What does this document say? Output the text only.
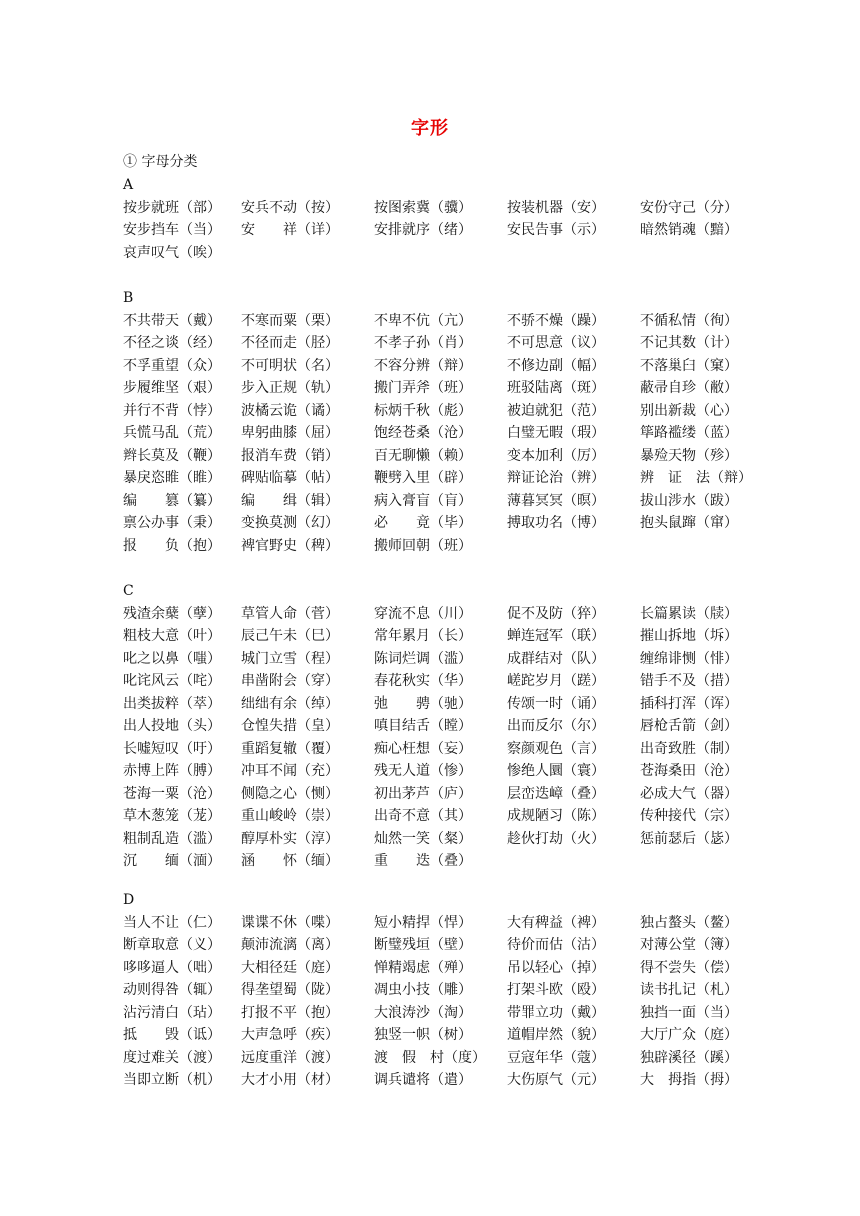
字形
① 字母分类
A
按步就班（部） 安兵不动（按）	按图索冀（骥）	按装机器（安）	安份守己（分）
安步挡车（当） 安　　祥（详）	安排就序（绪）	安民告事（示）	暗然销魂（黯）
哀声叹气（唉）
B
不共带天（戴） 不寒而粟（栗）	不卑不伉（亢）	不骄不燥（躁）	不循私情（徇）
不径之谈（经） 不径而走（胫）	不孝子孙（肖）	不可思意（议）	不记其数（计）
不孚重望（众） 不可明状（名）	不容分辨（辩）	不修边副（幅）	不落巢臼（窠）
步履维坚（艰） 步入正规（轨）	搬门弄斧（班）	班驳陆离（斑）	蔽帚自珍（敝）
并行不背（悖） 波橘云诡（谲）	标炳千秋（彪）	被迫就犯（范）	别出新裁（心）
兵慌马乱（荒） 卑躬曲膝（屈）	饱经苍桑（沧）	白璧无暇（瑕）	筚路褴缕（蓝）
辫长莫及（鞭） 报消车费（销）	百无聊懒（赖）	变本加利（厉）	暴殓天物（殄）
暴戾恣睢（睢） 碑贴临摹（帖）	鞭劈入里（辟）	辩证论治（辨）	辨　证　法（辩）
编　　篡（纂） 编　　缉（辑）	病入膏盲（肓）	薄暮冥冥（暝）	拔山涉水（跋）
禀公办事（秉） 变换莫测（幻）	必　　竟（毕）	搏取功名（博）	抱头鼠蹿（窜）
报　　负（抱） 裨官野史（稗）	搬师回朝（班）
C
残渣余蘖（孽） 草管人命（菅）	穿流不息（川）	促不及防（猝）	长篇累读（牍）
粗枝大意（叶） 辰己午未（巳）	常年累月（长）	蝉连冠军（联）	摧山拆地（坼）
叱之以鼻（嗤） 城门立雪（程）	陈词烂调（滥）	成群结对（队）	缠绵诽恻（悱）
叱诧风云（咤） 串凿附会（穿）	春花秋实（华）	嵯跎岁月（蹉）	错手不及（措）
出类拔粹（萃） 绌绌有余（绰）	弛　　骋（驰）	传颂一时（诵）	插科打浑（诨）
出人投地（头） 仓惶失措（皇）	嗔目结舌（瞠）	出而反尔（尔）	唇枪舌箭（剑）
长嘘短叹（吁） 重蹈复辙（覆）	痴心枉想（妄）	察颜观色（言）	出奇致胜（制）
赤博上阵（膊） 冲耳不闻（充）	残无人道（惨）	惨绝人圜（寰）	苍海桑田（沧）
苍海一粟（沧） 侧隐之心（恻）	初出茅芦（庐）	层峦迭嶂（叠）	必成大气（器）
草木葱笼（茏） 重山峻岭（崇）	出奇不意（其）	成规陋习（陈）	传种接代（宗）
粗制乱造（滥） 醇厚朴实（淳）	灿然一笑（粲）	趁伙打劫（火）	惩前瑟后（毖）
沉　　缅（湎） 涵　　怀（缅）	重　　迭（叠）
D
当人不让（仁） 谍谍不休（喋）	短小精捍（悍）	大有稗益（裨）	独占螯头（鳌）
断章取意（义） 颠沛流漓（离）	断璧残垣（壁）	待价而估（沽）	对薄公堂（簿）
哆哆逼人（咄） 大相径廷（庭）	惮精竭虑（殚）	吊以轻心（掉）	得不尝失（偿）
动则得咎（辄） 得垄望蜀（陇）	凋虫小技（雕）	打架斗欧（殴）	读书扎记（札）
沾污清白（玷） 打报不平（抱）	大浪涛沙（淘）	带罪立功（戴）	独挡一面（当）
抵　　毁（诋） 大声急呼（疾）	独竖一帜（树）	道帽岸然（貌）	大厅广众（庭）
度过难关（渡） 远度重洋（渡）	渡　假　村（度） 豆寇年华（蔻）	独辟溪径（蹊）
当即立断（机） 大才小用（材）	调兵谴将（遣）	大伤原气（元）	大　拇指（拇）
